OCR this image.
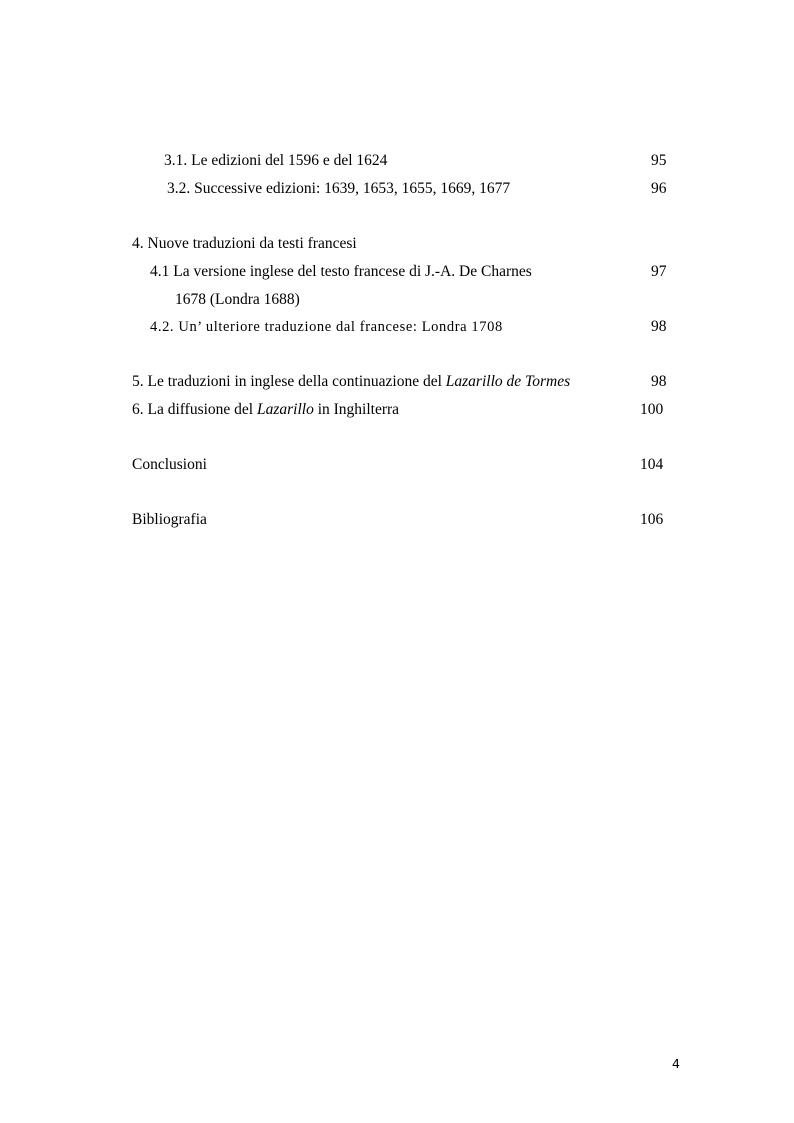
3.1. Le edizioni del 1596 e del 1624	95
3.2. Successive edizioni: 1639, 1653, 1655, 1669, 1677	96
4. Nuove traduzioni da testi francesi
4.1 La versione inglese del testo francese di J.-A. De Charnes	97
1678 (Londra 1688)
4.2. Un’ ulteriore traduzione dal francese: Londra 1708	98
5. Le traduzioni in inglese della continuazione del Lazarillo de Tormes	98
6. La diffusione del Lazarillo in Inghilterra	100
Conclusioni	104
Bibliografia	106
4
